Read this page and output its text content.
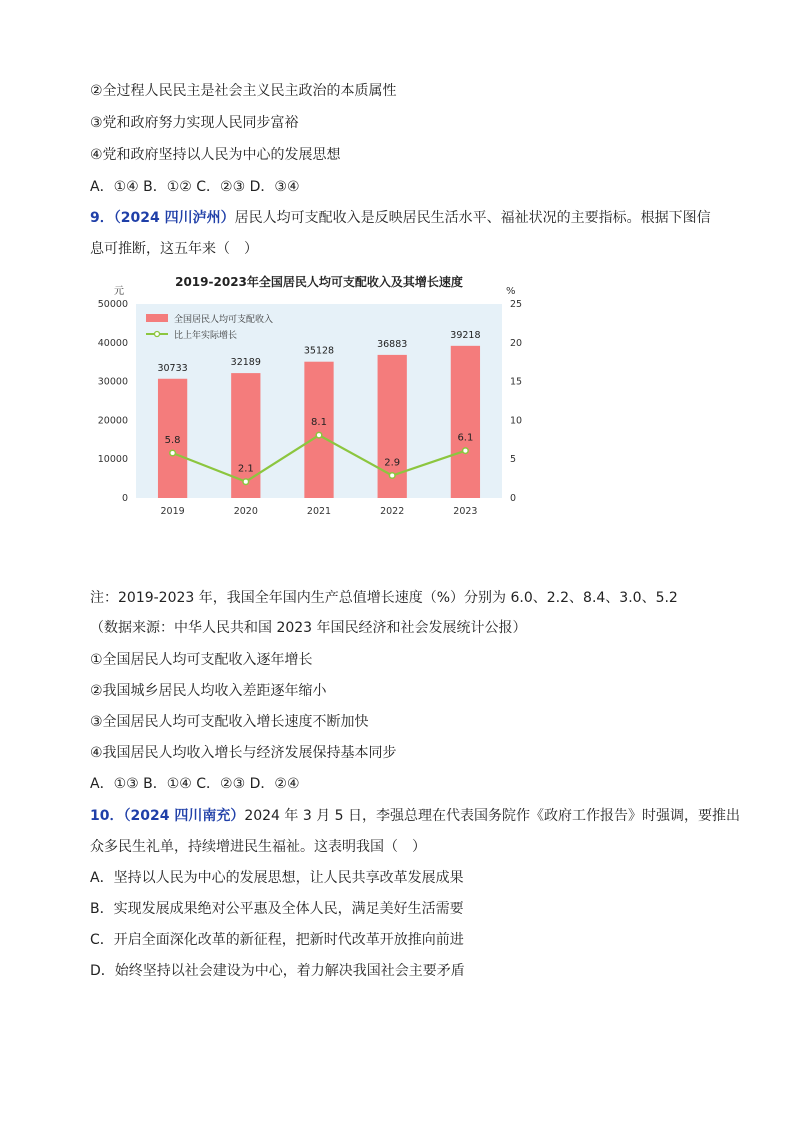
②全过程人民民主是社会主义民主政治的本质属性
③党和政府努力实现人民同步富裕
④党和政府坚持以人民为中心的发展思想
A．①④ B．①② C．②③ D．③④
9．（2024 四川泸州）居民人均可支配收入是反映居民生活水平、福祉状况的主要指标。根据下图信
息可推断，这五年来（　）
2019-2023年全国居民人均可支配收入及其增长速度
元	%
0
10000
20000
30000
40000
50000
0
5
10
15
20
25
30733
32189
35128
36883
39218
2019	2020	2021	2022	2023
5.8
2.1
8.1
2.9
6.1
全国居民人均可支配收入
比上年实际增长
注：2019-2023 年，我国全年国内生产总值增长速度（%）分别为 6.0、2.2、8.4、3.0、5.2
（数据来源：中华人民共和国 2023 年国民经济和社会发展统计公报）
①全国居民人均可支配收入逐年增长
②我国城乡居民人均收入差距逐年缩小
③全国居民人均可支配收入增长速度不断加快
④我国居民人均收入增长与经济发展保持基本同步
A．①③ B．①④ C．②③ D．②④
10．（2024 四川南充）2024 年 3 月 5 日，李强总理在代表国务院作《政府工作报告》时强调，要推出
众多民生礼单，持续增进民生福祉。这表明我国（　）
A．坚持以人民为中心的发展思想，让人民共享改革发展成果
B．实现发展成果绝对公平惠及全体人民，满足美好生活需要
C．开启全面深化改革的新征程，把新时代改革开放推向前进
D．始终坚持以社会建设为中心，着力解决我国社会主要矛盾
